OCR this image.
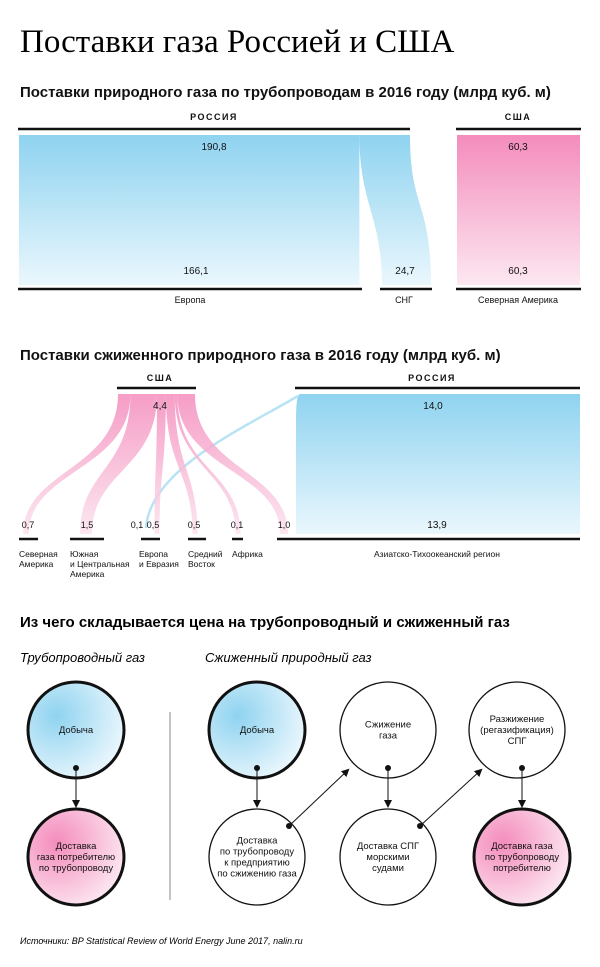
Поставки газа Россией и США
Поставки природного газа по трубопроводам в 2016 году (млрд куб. м)
РОССИЯ	США
190,8
166,1	24,7
60,3
60,3
Европа	СНГ	Северная Америка
Поставки сжиженного природного газа в 2016 году (млрд куб. м)
США	РОССИЯ
14,0
13,9
4,4
0,7	1,5	0,1 0,5	0,5	0,1	1,0
Северная
Америка
Южная
и Центральная
Америка
Европа
и Евразия
Средний
Восток
Африка	Азиатско-Тихоокеанский регион
Из чего складывается цена на трубопроводный и сжиженный газ
Трубопроводный газ	Сжиженный природный газ
Добыча
Доставка
газа потребителю
по трубопроводу
Добыча
Доставка
по трубопроводу
к предприятию
по сжижению газа
Сжижение
газа
Доставка СПГ
морскими
судами
Разжижение
(регазификация)
СПГ
Доставка газа
по трубопроводу
потребителю
Источники: BP Statistical Review of World Energy June 2017, nalin.ru
